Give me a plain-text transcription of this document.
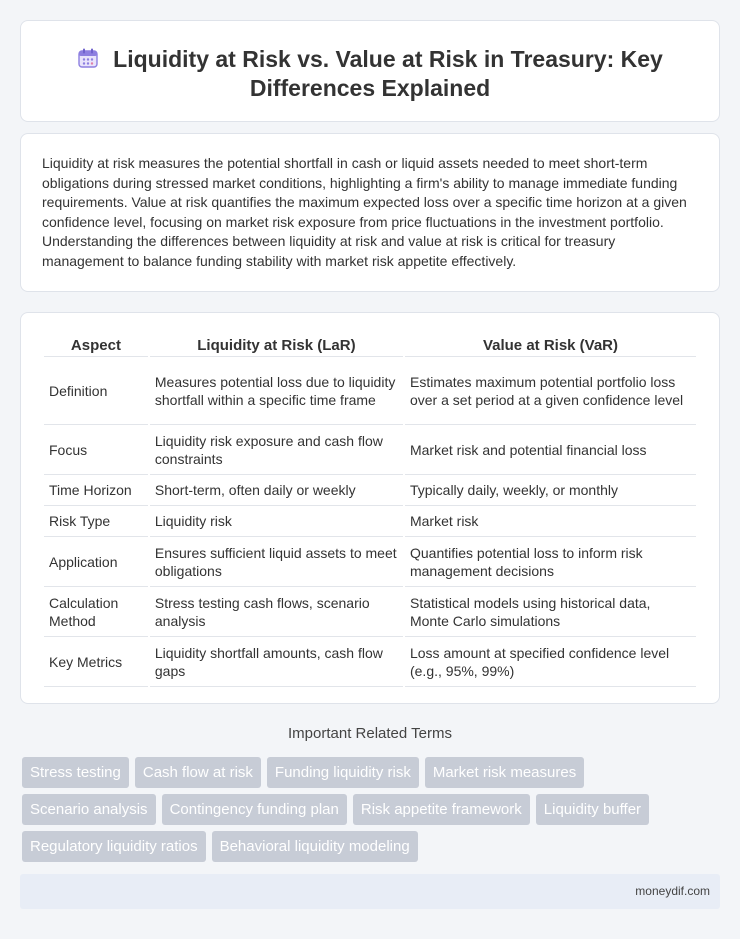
Liquidity at Risk vs. Value at Risk in Treasury: Key Differences Explained

Liquidity at risk measures the potential shortfall in cash or liquid assets needed to meet short-term obligations during stressed market conditions, highlighting a firm's ability to manage immediate funding requirements. Value at risk quantifies the maximum expected loss over a specific time horizon at a given confidence level, focusing on market risk exposure from price fluctuations in the investment portfolio. Understanding the differences between liquidity at risk and value at risk is critical for treasury management to balance funding stability with market risk appetite effectively.

Aspect	Liquidity at Risk (LaR)	Value at Risk (VaR)
Definition	Measures potential loss due to liquidity shortfall within a specific time frame	Estimates maximum potential portfolio loss over a set period at a given confidence level
Focus	Liquidity risk exposure and cash flow constraints	Market risk and potential financial loss
Time Horizon	Short-term, often daily or weekly	Typically daily, weekly, or monthly
Risk Type	Liquidity risk	Market risk
Application	Ensures sufficient liquid assets to meet obligations	Quantifies potential loss to inform risk management decisions
Calculation Method	Stress testing cash flows, scenario analysis	Statistical models using historical data, Monte Carlo simulations
Key Metrics	Liquidity shortfall amounts, cash flow gaps	Loss amount at specified confidence level (e.g., 95%, 99%)
Important Related Terms
Stress testing	Cash flow at risk	Funding liquidity risk	Market risk measures
Scenario analysis	Contingency funding plan	Risk appetite framework	Liquidity buffer
Regulatory liquidity ratios	Behavioral liquidity modeling
moneydif.com
